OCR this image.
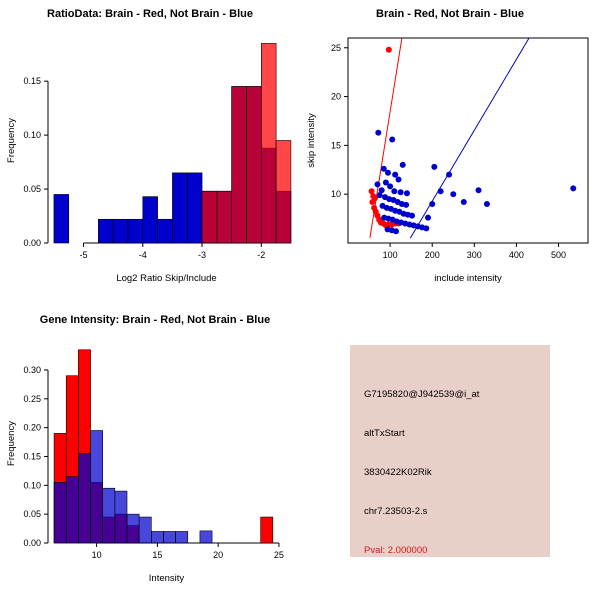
RatioData: Brain - Red, Not Brain - Blue
-5	-4	-3	-2
0.00
0.05
0.10
0.15
Log2 Ratio Skip/Include
Frequency
Brain - Red, Not Brain - Blue
100	200	300	400	500
10
15
20
25
include intensity
skip intensity
Gene Intensity: Brain - Red, Not Brain - Blue
10	15	20	25
0.00
0.05
0.10
0.15
0.20
0.25
0.30
Intensity
Frequency
G7195820@J942539@i_at
altTxStart
3830422K02Rik
chr7.23503-2.s
Pval: 2.000000
